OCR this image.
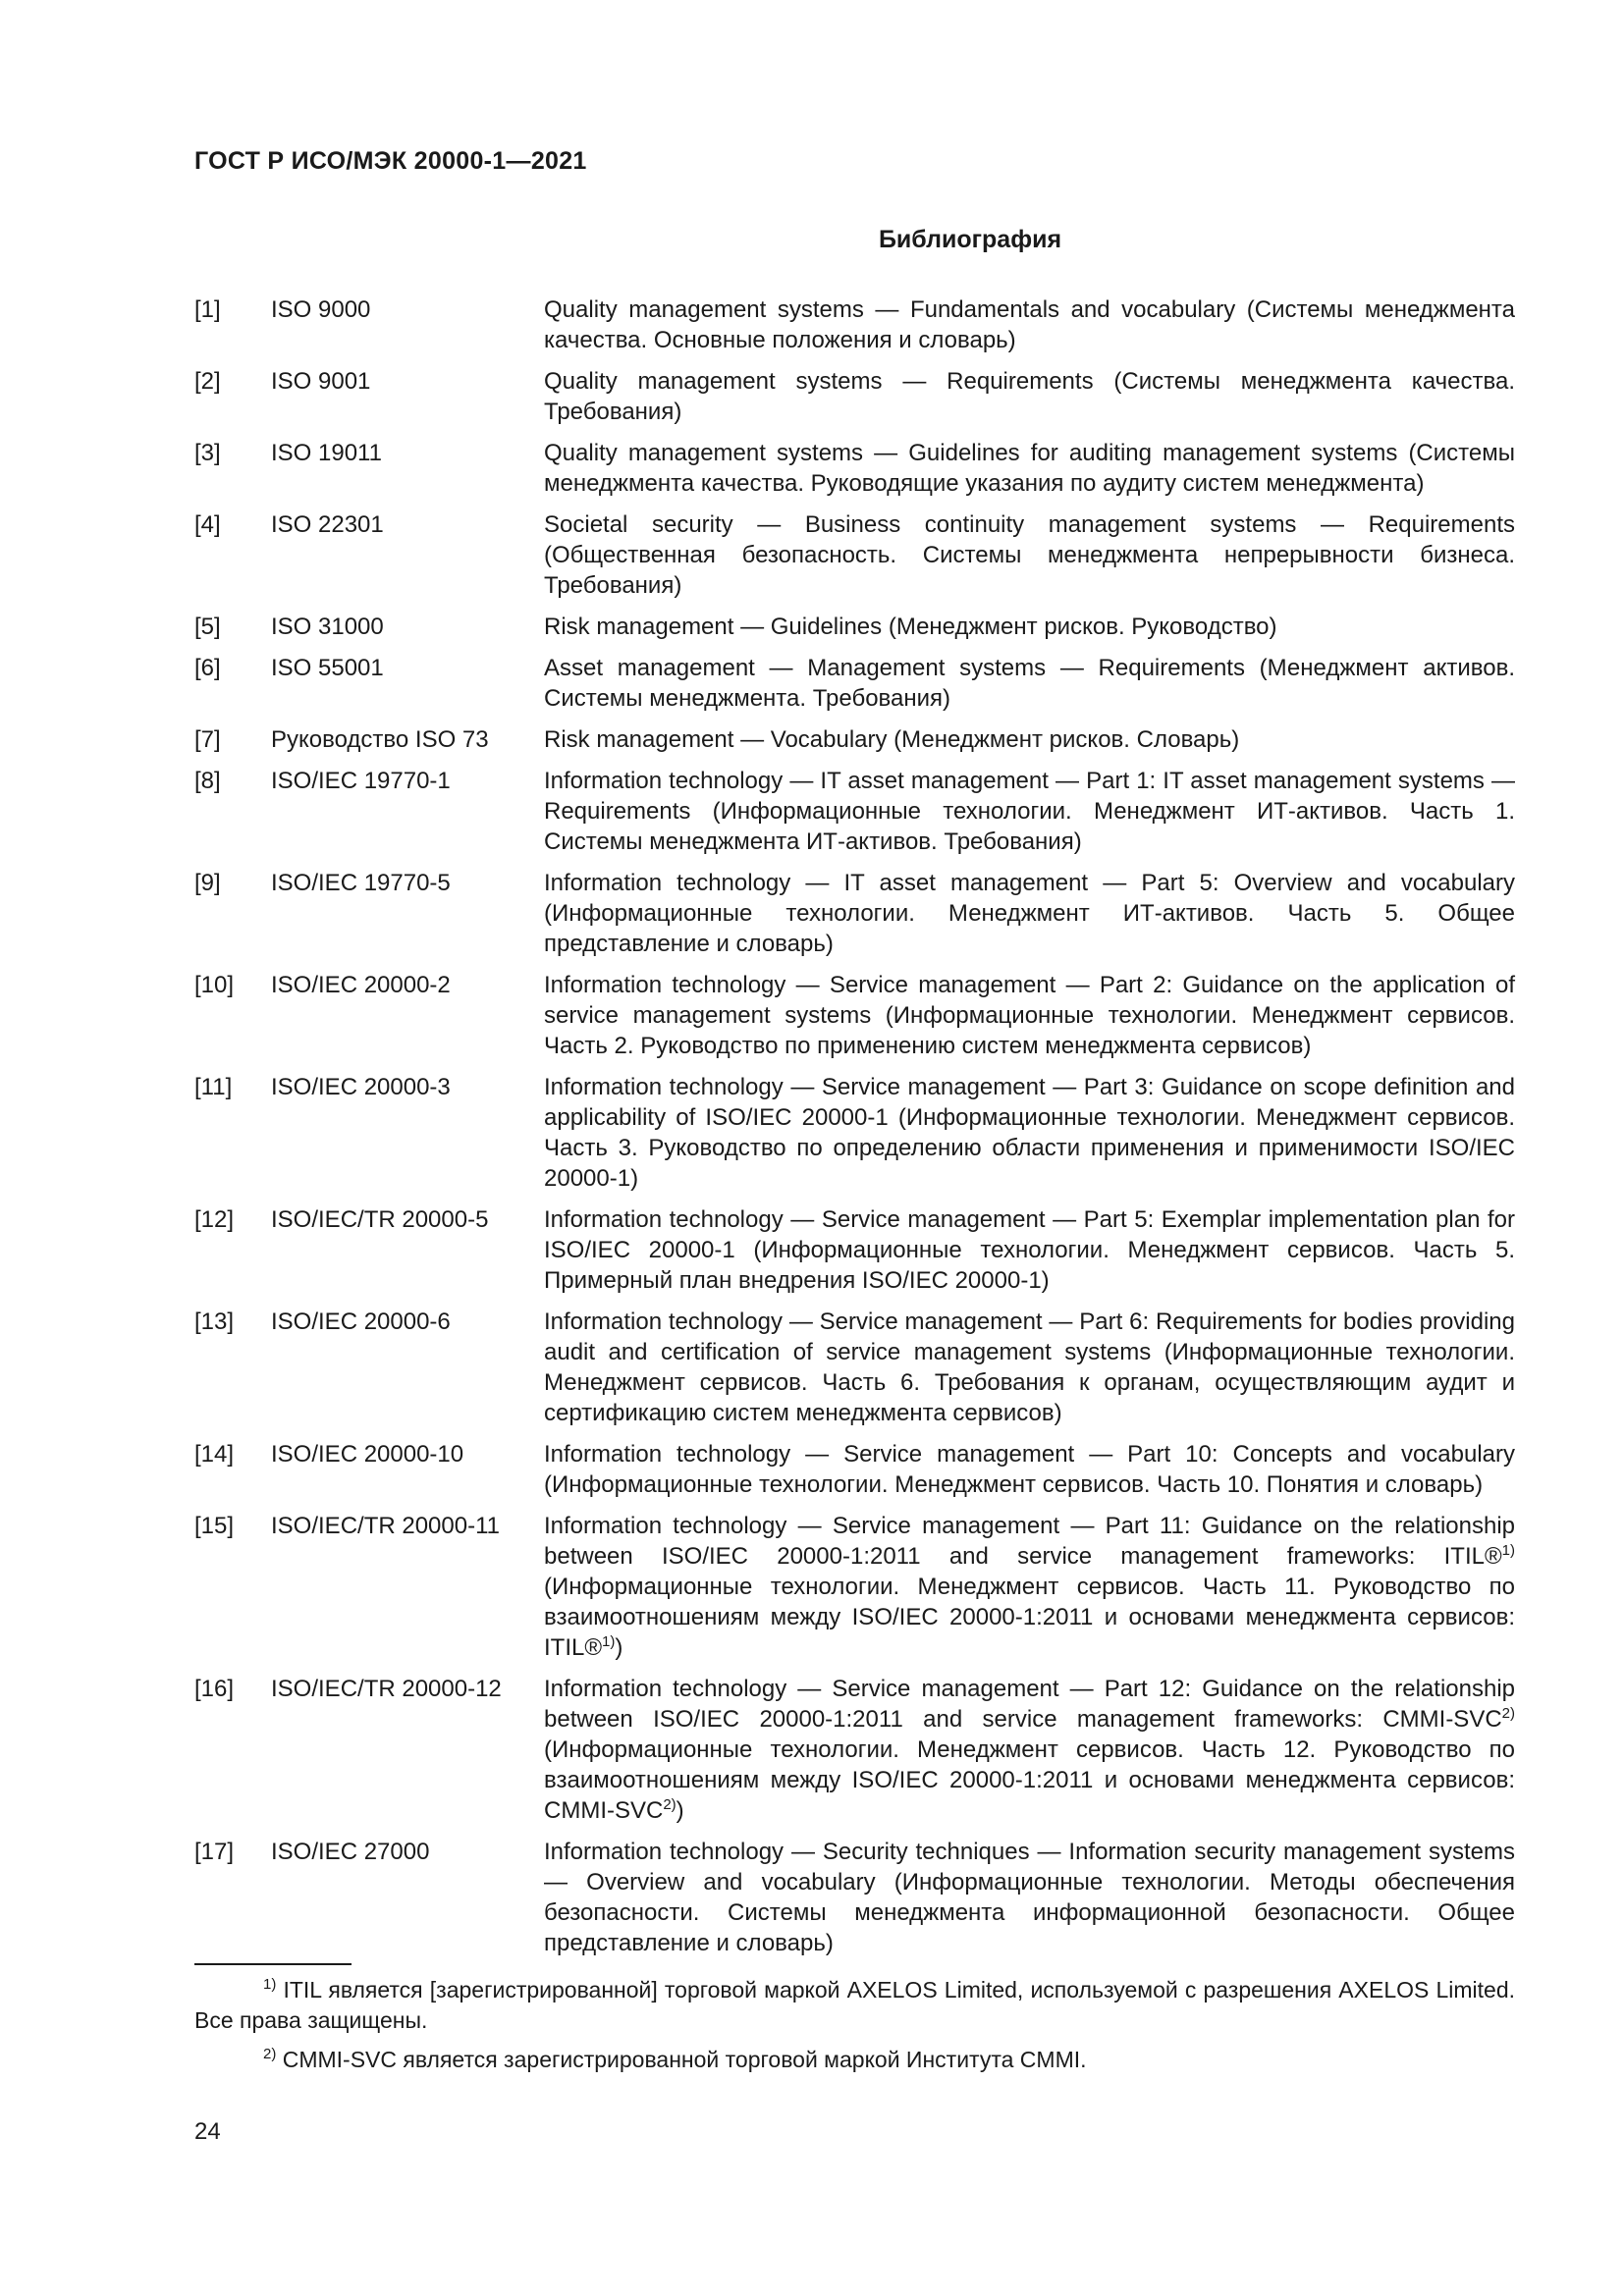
ГОСТ Р ИСО/МЭК 20000-1—2021
Библиография
[1]	ISO 9000	Quality management systems — Fundamentals and vocabulary (Системы менеджмента качества. Основные положения и словарь)
[2]	ISO 9001	Quality management systems — Requirements (Системы менеджмента качества. Требования)
[3]	ISO 19011	Quality management systems — Guidelines for auditing management systems (Системы менеджмента качества. Руководящие указания по аудиту систем менеджмента)
[4]	ISO 22301	Societal security — Business continuity management systems — Requirements (Общественная безопасность. Системы менеджмента непрерывности бизнеса. Требования)
[5]	ISO 31000	Risk management — Guidelines (Менеджмент рисков. Руководство)
[6]	ISO 55001	Asset management — Management systems — Requirements (Менеджмент активов. Системы менеджмента. Требования)
[7]	Руководство ISO 73	Risk management — Vocabulary (Менеджмент рисков. Словарь)
[8]	ISO/IEC 19770-1	Information technology — IT asset management — Part 1: IT asset management systems — Requirements (Информационные технологии. Менеджмент ИТ-активов. Часть 1. Системы менеджмента ИТ-активов. Требования)
[9]	ISO/IEC 19770-5	Information technology — IT asset management — Part 5: Overview and vocabulary (Информационные технологии. Менеджмент ИТ-активов. Часть 5. Общее представление и словарь)
[10]	ISO/IEC 20000-2	Information technology — Service management — Part 2: Guidance on the application of service management systems (Информационные технологии. Менеджмент сервисов. Часть 2. Руководство по применению систем менеджмента сервисов)
[11]	ISO/IEC 20000-3	Information technology — Service management — Part 3: Guidance on scope definition and applicability of ISO/IEC 20000-1 (Информационные технологии. Менеджмент сервисов. Часть 3. Руководство по определению области применения и применимости ISO/IEC 20000-1)
[12]	ISO/IEC/TR 20000-5	Information technology — Service management — Part 5: Exemplar implementation plan for ISO/IEC 20000-1 (Информационные технологии. Менеджмент сервисов. Часть 5. Примерный план внедрения ISO/IEC 20000-1)
[13]	ISO/IEC 20000-6	Information technology — Service management — Part 6: Requirements for bodies providing audit and certification of service management systems (Информационные технологии. Менеджмент сервисов. Часть 6. Требования к органам, осуществляющим аудит и сертификацию систем менеджмента сервисов)
[14]	ISO/IEC 20000-10	Information technology — Service management — Part 10: Concepts and vocabulary (Информационные технологии. Менеджмент сервисов. Часть 10. Понятия и словарь)
[15]	ISO/IEC/TR 20000-11	Information technology — Service management — Part 11: Guidance on the relationship between ISO/IEC 20000-1:2011 and service management frameworks: ITIL®$^{1)}$ (Информационные технологии. Менеджмент сервисов. Часть 11. Руководство по взаимоотношениям между ISO/IEC 20000-1:2011 и основами менеджмента сервисов: ITIL®$^{1)}$)
[16]	ISO/IEC/TR 20000-12	Information technology — Service management — Part 12: Guidance on the relationship between ISO/IEC 20000-1:2011 and service management frameworks: CMMI-SVC$^{2)}$ (Информационные технологии. Менеджмент сервисов. Часть 12. Руководство по взаимоотношениям между ISO/IEC 20000-1:2011 и основами менеджмента сервисов: CMMI-SVC$^{2)}$)
[17]	ISO/IEC 27000	Information technology — Security techniques — Information security management systems — Overview and vocabulary (Информационные технологии. Методы обеспечения безопасности. Системы менеджмента информационной безопасности. Общее представление и словарь)
$^{1)}$ ITIL является [зарегистрированной] торговой маркой AXELOS Limited, используемой с разрешения AXELOS Limited. Все права защищены.
$^{2)}$ CMMI-SVC является зарегистрированной торговой маркой Института CMMI.
24
